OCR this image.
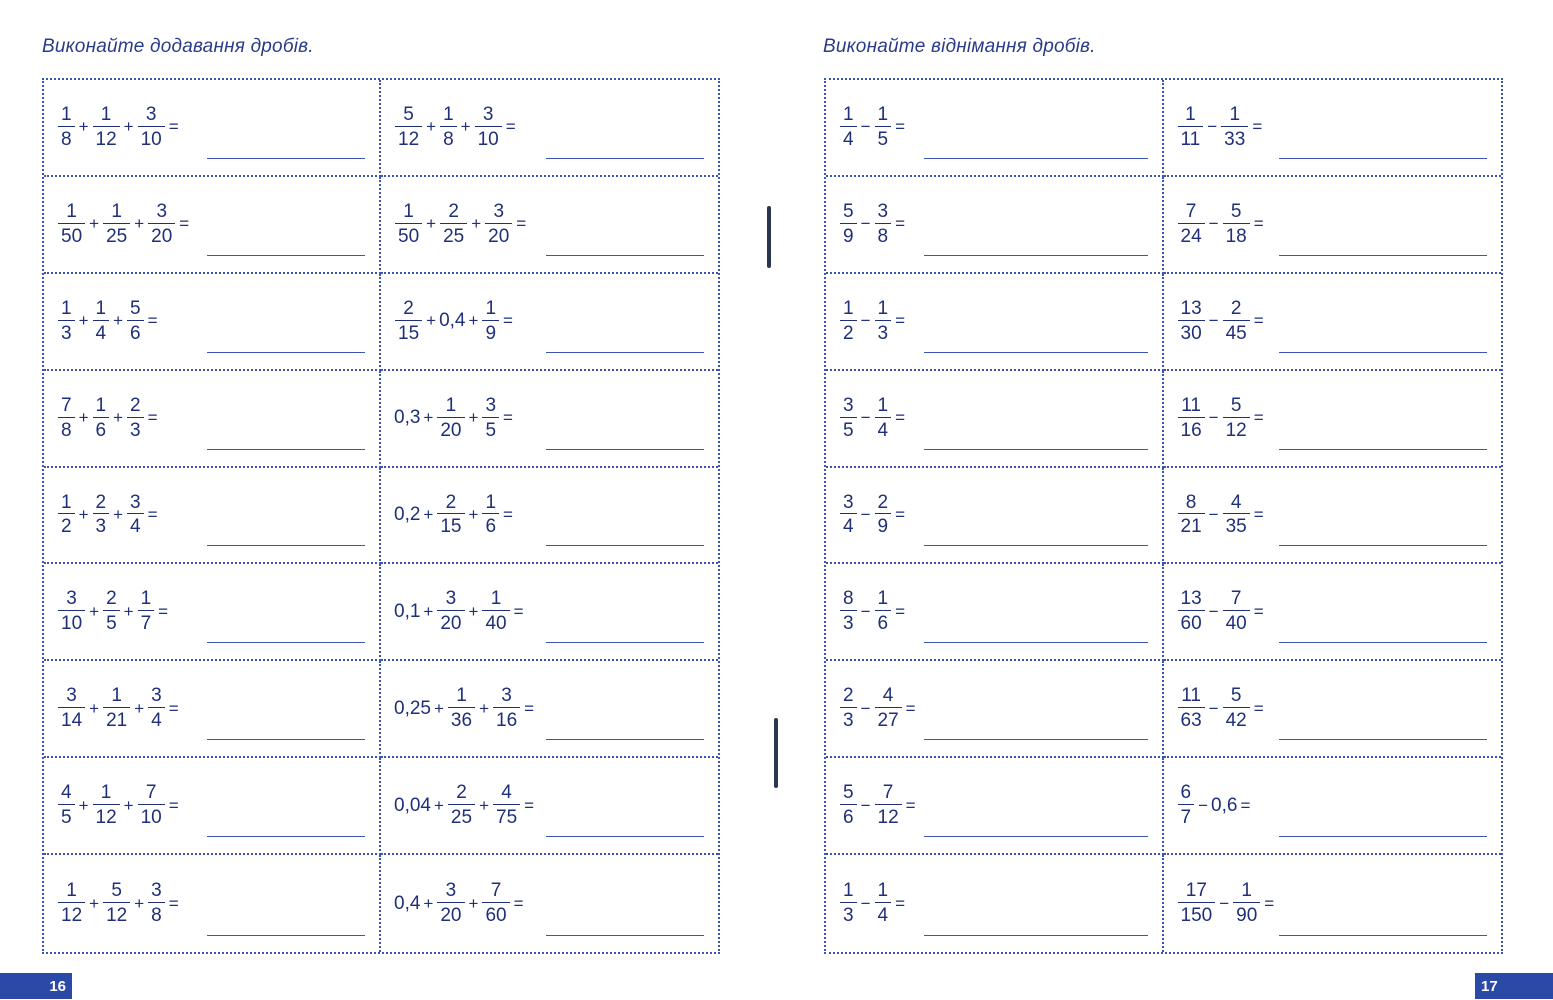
Виконайте додавання дробів.	Виконайте віднімання дробів.
$\frac{1}{8} + \frac{1}{12} + \frac{3}{10}$ =	$\frac{5}{12} + \frac{1}{8} + \frac{3}{10}$ =
$\frac{1}{50} + \frac{1}{25} + \frac{3}{20}$ =	$\frac{1}{50} + \frac{2}{25} + \frac{3}{20}$ =
$\frac{1}{3} + \frac{1}{4} + \frac{5}{6}$ =	$\frac{2}{15} + 0,4 + \frac{1}{9}$ =
$\frac{7}{8} + \frac{1}{6} + \frac{2}{3}$ =	$0,3 + \frac{1}{20} + \frac{3}{5}$ =
$\frac{1}{2} + \frac{2}{3} + \frac{3}{4}$ =	$0,2 + \frac{2}{15} + \frac{1}{6}$ =
$\frac{3}{10} + \frac{2}{5} + \frac{1}{7}$ =	$0,1 + \frac{3}{20} + \frac{1}{40}$ =
$\frac{3}{14} + \frac{1}{21} + \frac{3}{4}$ =	$0,25 + \frac{1}{36} + \frac{3}{16}$ =
$\frac{4}{5} + \frac{1}{12} + \frac{7}{10}$ =	$0,04 + \frac{2}{25} + \frac{4}{75}$ =
$\frac{1}{12} + \frac{5}{12} + \frac{3}{8}$ =	$0,4 + \frac{3}{20} + \frac{7}{60}$ =
$\frac{1}{4} - \frac{1}{5}$ =	$\frac{1}{11} - \frac{1}{33}$ =
$\frac{5}{9} - \frac{3}{8}$ =	$\frac{7}{24} - \frac{5}{18}$ =
$\frac{1}{2} - \frac{1}{3}$ =	$\frac{13}{30} - \frac{2}{45}$ =
$\frac{3}{5} - \frac{1}{4}$ =	$\frac{11}{16} - \frac{5}{12}$ =
$\frac{3}{4} - \frac{2}{9}$ =	$\frac{8}{21} - \frac{4}{35}$ =
$\frac{8}{3} - \frac{1}{6}$ =	$\frac{13}{60} - \frac{7}{40}$ =
$\frac{2}{3} - \frac{4}{27}$ =	$\frac{11}{63} - \frac{5}{42}$ =
$\frac{5}{6} - \frac{7}{12}$ =	$\frac{6}{7} - 0,6$ =
$\frac{1}{3} - \frac{1}{4}$ =	$\frac{17}{150} - \frac{1}{90}$ =
16	17
